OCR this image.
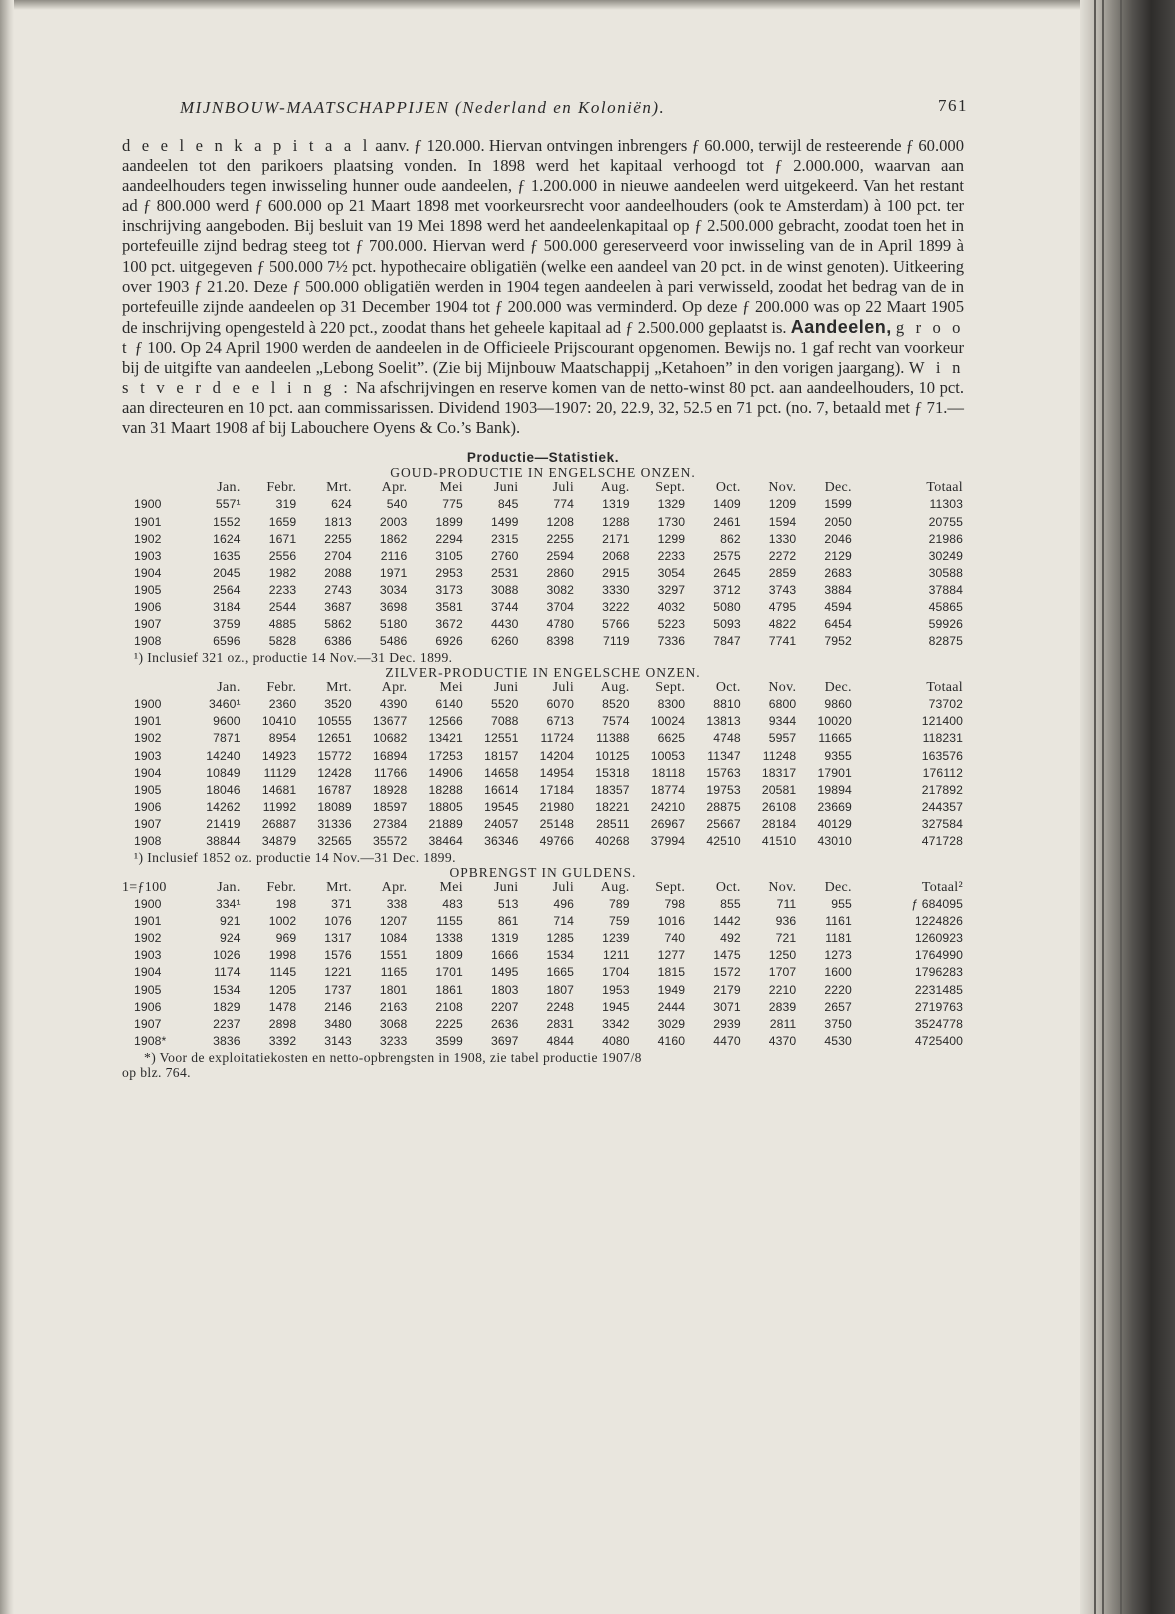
MIJNBOUW-MAATSCHAPPIJEN (Nederland en Koloniën).	761
d e e l e n k a p i t a a l aanv. ƒ 120.000. Hiervan ontvingen inbrengers ƒ 60.000, terwijl de resteerende ƒ 60.000 aandeelen tot den parikoers plaatsing vonden. In 1898 werd het kapitaal verhoogd tot ƒ 2.000.000, waarvan aan aandeelhouders tegen inwisseling hunner oude aandeelen, ƒ 1.200.000 in nieuwe aandeelen werd uitgekeerd. Van het restant ad ƒ 800.000 werd ƒ 600.000 op 21 Maart 1898 met voorkeursrecht voor aandeelhouders (ook te Amsterdam) à 100 pct. ter inschrijving aangeboden. Bij besluit van 19 Mei 1898 werd het aandeelenkapitaal op ƒ 2.500.000 gebracht, zoodat toen het in portefeuille zijnd bedrag steeg tot ƒ 700.000. Hiervan werd ƒ 500.000 gereserveerd voor inwisseling van de in April 1899 à 100 pct. uitgegeven ƒ 500.000 7½ pct. hypothecaire obligatiën (welke een aandeel van 20 pct. in de winst genoten). Uitkeering over 1903 ƒ 21.20. Deze ƒ 500.000 obligatiën werden in 1904 tegen aandeelen à pari verwisseld, zoodat het bedrag van de in portefeuille zijnde aandeelen op 31 December 1904 tot ƒ 200.000 was verminderd. Op deze ƒ 200.000 was op 22 Maart 1905 de inschrijving opengesteld à 220 pct., zoodat thans het geheele kapitaal ad ƒ 2.500.000 geplaatst is. Aandeelen, g r o o t ƒ 100. Op 24 April 1900 werden de aandeelen in de Officieele Prijscourant opgenomen. Bewijs no. 1 gaf recht van voorkeur bij de uitgifte van aandeelen „Lebong Soelit”. (Zie bij Mijnbouw Maatschappij „Ketahoen” in den vorigen jaargang). W i n s t v e r d e e l i n g : Na afschrijvingen en reserve komen van de netto-winst 80 pct. aan aandeelhouders, 10 pct. aan directeuren en 10 pct. aan commissarissen. Dividend 1903—1907: 20, 22.9, 32, 52.5 en 71 pct. (no. 7, betaald met ƒ 71.— van 31 Maart 1908 af bij Labouchere Oyens & Co.’s Bank).
Productie—Statistiek.
GOUD-PRODUCTIE IN ENGELSCHE ONZEN.
	Jan.	Febr.	Mrt.	Apr.	Mei	Juni	Juli	Aug.	Sept.	Oct.	Nov.	Dec.	Totaal
1900	557¹	319	624	540	775	845	774	1319	1329	1409	1209	1599	11303
1901	1552	1659	1813	2003	1899	1499	1208	1288	1730	2461	1594	2050	20755
1902	1624	1671	2255	1862	2294	2315	2255	2171	1299	862	1330	2046	21986
1903	1635	2556	2704	2116	3105	2760	2594	2068	2233	2575	2272	2129	30249
1904	2045	1982	2088	1971	2953	2531	2860	2915	3054	2645	2859	2683	30588
1905	2564	2233	2743	3034	3173	3088	3082	3330	3297	3712	3743	3884	37884
1906	3184	2544	3687	3698	3581	3744	3704	3222	4032	5080	4795	4594	45865
1907	3759	4885	5862	5180	3672	4430	4780	5766	5223	5093	4822	6454	59926
1908	6596	5828	6386	5486	6926	6260	8398	7119	7336	7847	7741	7952	82875
¹) Inclusief 321 oz., productie 14 Nov.—31 Dec. 1899.
ZILVER-PRODUCTIE IN ENGELSCHE ONZEN.
	Jan.	Febr.	Mrt.	Apr.	Mei	Juni	Juli	Aug.	Sept.	Oct.	Nov.	Dec.	Totaal
1900	3460¹	2360	3520	4390	6140	5520	6070	8520	8300	8810	6800	9860	73702
1901	9600	10410	10555	13677	12566	7088	6713	7574	10024	13813	9344	10020	121400
1902	7871	8954	12651	10682	13421	12551	11724	11388	6625	4748	5957	11665	118231
1903	14240	14923	15772	16894	17253	18157	14204	10125	10053	11347	11248	9355	163576
1904	10849	11129	12428	11766	14906	14658	14954	15318	18118	15763	18317	17901	176112
1905	18046	14681	16787	18928	18288	16614	17184	18357	18774	19753	20581	19894	217892
1906	14262	11992	18089	18597	18805	19545	21980	18221	24210	28875	26108	23669	244357
1907	21419	26887	31336	27384	21889	24057	25148	28511	26967	25667	28184	40129	327584
1908	38844	34879	32565	35572	38464	36346	49766	40268	37994	42510	41510	43010	471728
¹) Inclusief 1852 oz. productie 14 Nov.—31 Dec. 1899.
OPBRENGST IN GULDENS.
1=ƒ100	Jan.	Febr.	Mrt.	Apr.	Mei	Juni	Juli	Aug.	Sept.	Oct.	Nov.	Dec.	Totaal²
1900	334¹	198	371	338	483	513	496	789	798	855	711	955	ƒ 684095
1901	921	1002	1076	1207	1155	861	714	759	1016	1442	936	1161	1224826
1902	924	969	1317	1084	1338	1319	1285	1239	740	492	721	1181	1260923
1903	1026	1998	1576	1551	1809	1666	1534	1211	1277	1475	1250	1273	1764990
1904	1174	1145	1221	1165	1701	1495	1665	1704	1815	1572	1707	1600	1796283
1905	1534	1205	1737	1801	1861	1803	1807	1953	1949	2179	2210	2220	2231485
1906	1829	1478	2146	2163	2108	2207	2248	1945	2444	3071	2839	2657	2719763
1907	2237	2898	3480	3068	2225	2636	2831	3342	3029	2939	2811	3750	3524778
1908*	3836	3392	3143	3233	3599	3697	4844	4080	4160	4470	4370	4530	4725400
*) Voor de exploitatiekosten en netto-opbrengsten in 1908, zie tabel productie 1907/8
op blz. 764.
